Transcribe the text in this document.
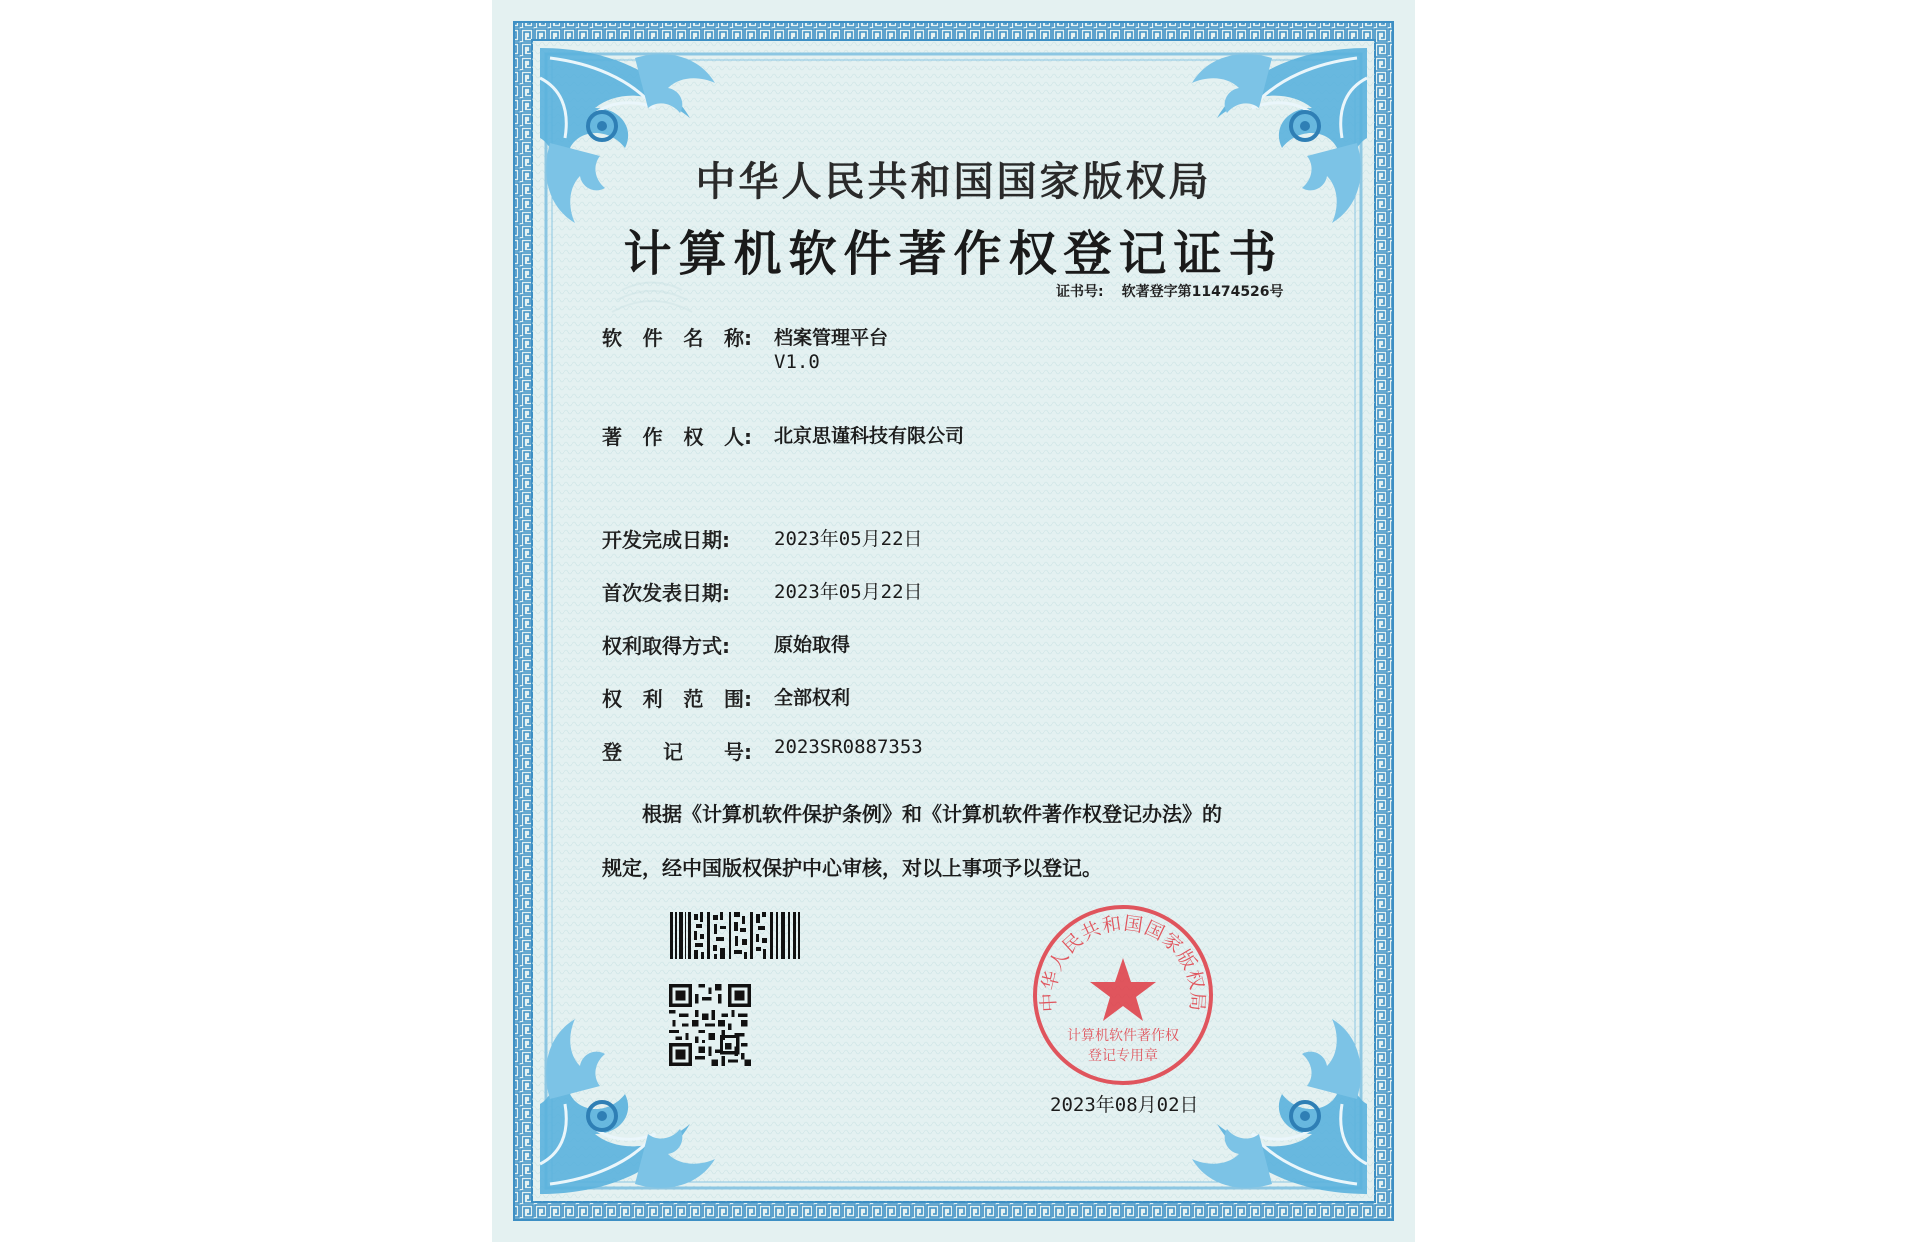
中华人民共和国国家版权局
计算机软件著作权登记证书
证书号: 软著登字第11474526号
软 件 名 称: 档案管理平台
V1.0
著 作 权 人: 北京思谨科技有限公司
开发完成日期:	2023年05月22日
首次发表日期:	2023年05月22日
权利取得方式:	原始取得
权 利 范 围: 全部权利
登 记 号: 2023SR0887353
根据《计算机软件保护条例》和《计算机软件著作权登记办法》的
规定，经中国版权保护中心审核，对以上事项予以登记。
中华人民共和国国家版权局
计算机软件著作权
登记专用章
2023年08月02日
